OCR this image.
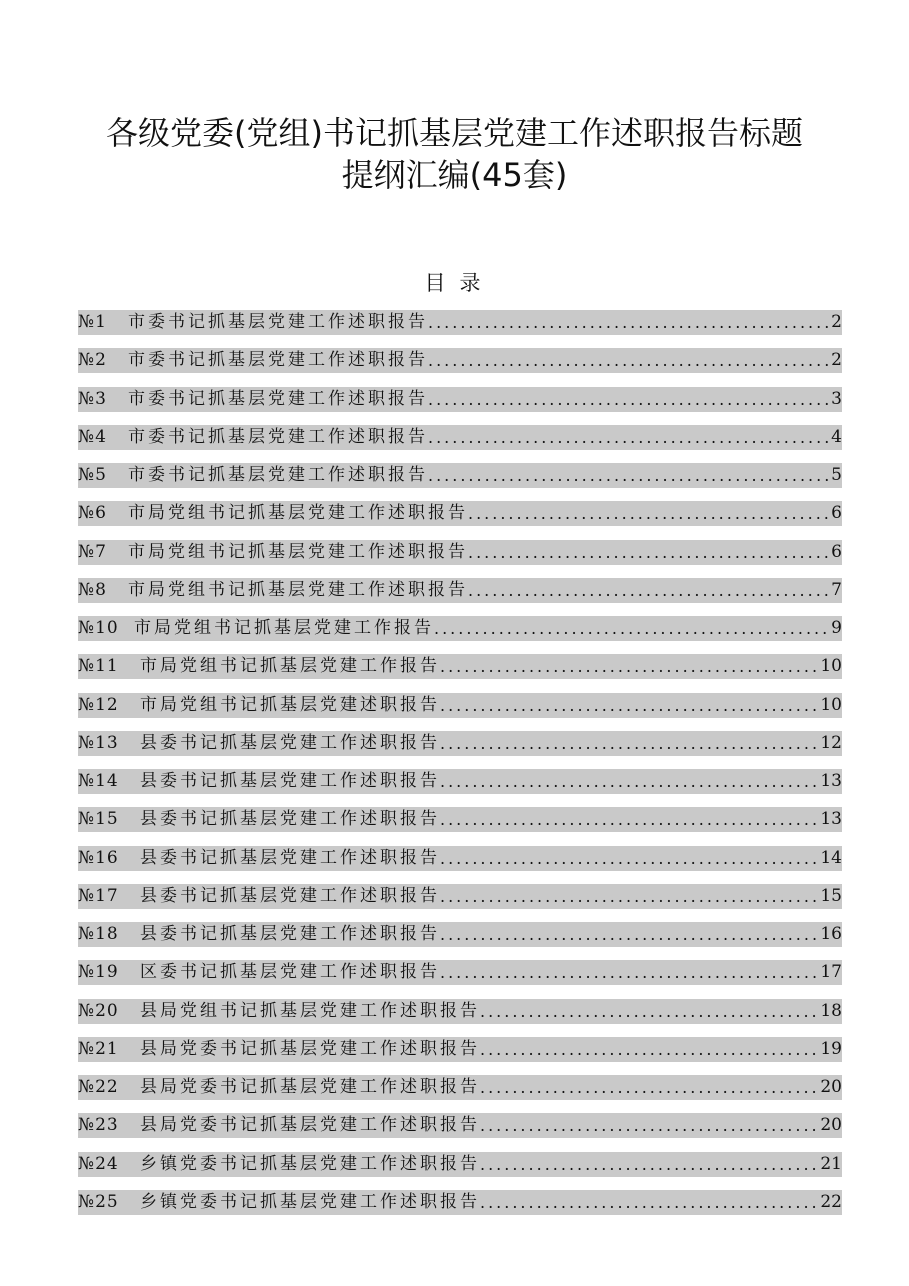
各级党委(党组)书记抓基层党建工作述职报告标题
提纲汇编(45套)
目录
№1	市委书记抓基层党建工作述职报告 .....	2
№2	市委书记抓基层党建工作述职报告 .....	2
№3	市委书记抓基层党建工作述职报告 .....	3
№4	市委书记抓基层党建工作述职报告 .....	4
№5	市委书记抓基层党建工作述职报告 .....	5
№6	市局党组书记抓基层党建工作述职报告 .....	6
№7	市局党组书记抓基层党建工作述职报告 .....	6
№8	市局党组书记抓基层党建工作述职报告 .....	7
№10 市局党组书记抓基层党建工作报告 .....	9
№11	市局党组书记抓基层党建工作报告 .....	10
№12	市局党组书记抓基层党建述职报告 .....	10
№13	县委书记抓基层党建工作述职报告 .....	12
№14	县委书记抓基层党建工作述职报告 .....	13
№15	县委书记抓基层党建工作述职报告 .....	13
№16	县委书记抓基层党建工作述职报告 .....	14
№17	县委书记抓基层党建工作述职报告 .....	15
№18	县委书记抓基层党建工作述职报告 .....	16
№19	区委书记抓基层党建工作述职报告 .....	17
№20	县局党组书记抓基层党建工作述职报告 .....	18
№21	县局党委书记抓基层党建工作述职报告 .....	19
№22	县局党委书记抓基层党建工作述职报告 .....	20
№23	县局党委书记抓基层党建工作述职报告 .....	20
№24	乡镇党委书记抓基层党建工作述职报告 .....	21
№25	乡镇党委书记抓基层党建工作述职报告 .....	22
